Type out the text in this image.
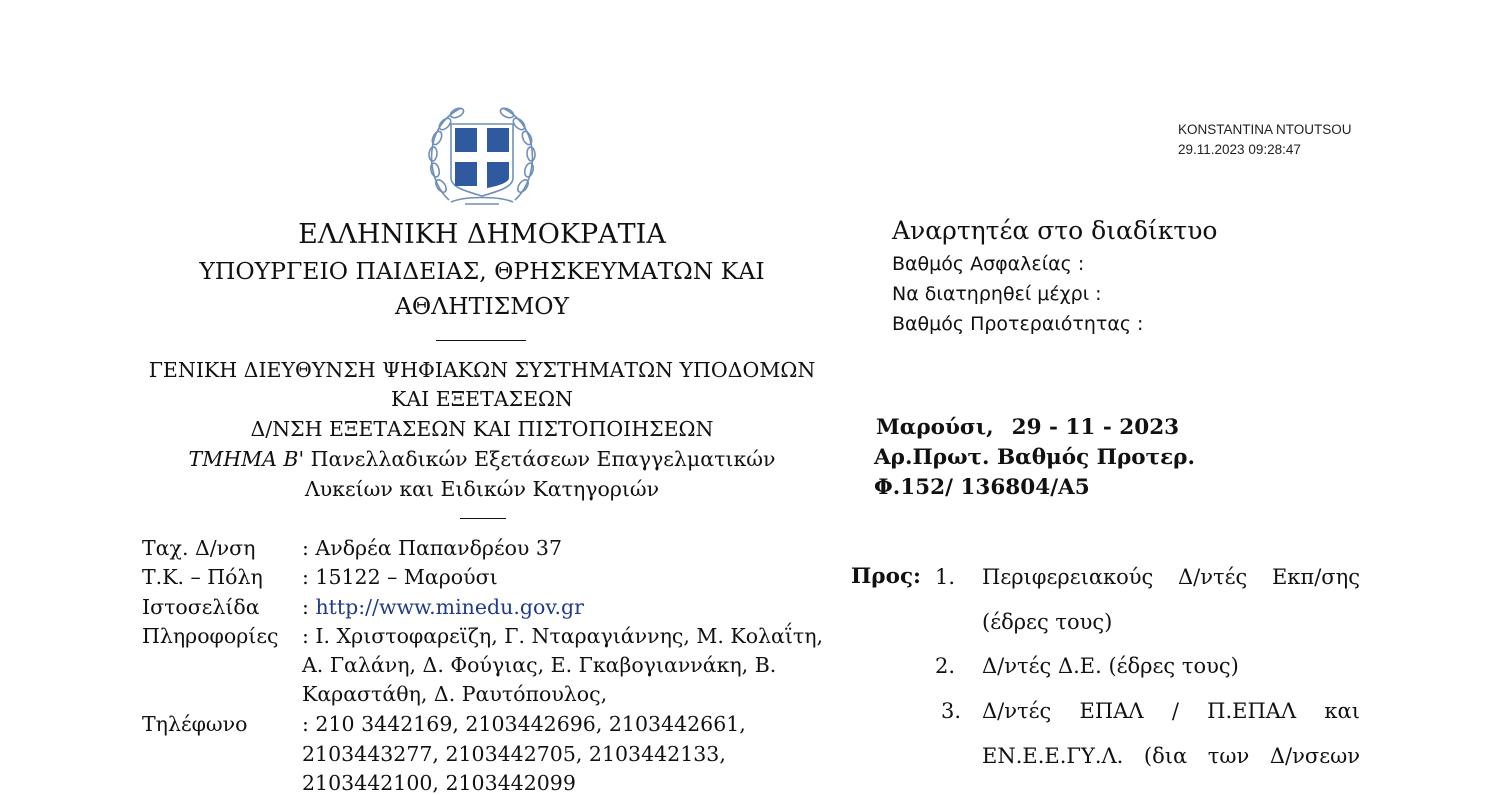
KONSTANTINA NTOUTSOU
29.11.2023 09:28:47
ΕΛΛΗΝΙΚΗ ΔΗΜΟΚΡΑΤΙΑ
ΥΠΟΥΡΓΕΙΟ ΠΑΙΔΕΙΑΣ, ΘΡΗΣΚΕΥΜΑΤΩΝ ΚΑΙ
ΑΘΛΗΤΙΣΜΟΥ
ΓΕΝΙΚΗ ΔΙΕΥΘΥΝΣΗ ΨΗΦΙΑΚΩΝ ΣΥΣΤΗΜΑΤΩΝ ΥΠΟΔΟΜΩΝ
ΚΑΙ ΕΞΕΤΑΣΕΩΝ
Δ/ΝΣΗ ΕΞΕΤΑΣΕΩΝ ΚΑΙ ΠΙΣΤΟΠΟΙΗΣΕΩΝ
ΤΜΗΜΑ Β' Πανελλαδικών Εξετάσεων Επαγγελματικών
Λυκείων και Ειδικών Κατηγοριών
Αναρτητέα στο διαδίκτυο
Βαθμός Ασφαλείας :
Να διατηρηθεί μέχρι :
Βαθμός Προτεραιότητας :
Μαρούσι, 29 - 11 - 2023
Αρ.Πρωτ. Βαθμός Προτερ.
Φ.152/ 136804/Α5
Ταχ. Δ/νση : Ανδρέα Παπανδρέου 37
Τ.Κ. – Πόλη : 15122 – Μαρούσι
Ιστοσελίδα : http://www.minedu.gov.gr
Πληροφορίες : Ι. Χριστοφαρεϊζη, Γ. Νταραγιάννης, Μ. Κολαΐτη,
Α. Γαλάνη, Δ. Φούγιας, Ε. Γκαβογιαννάκη, Β.
Καραστάθη, Δ. Ραυτόπουλος,
Τηλέφωνο	: 210 3442169, 2103442696, 2103442661,
2103443277, 2103442705, 2103442133,
2103442100, 2103442099
Προς: 1. Περιφερειακούς Δ/ντές Εκπ/σης
(έδρες τους)
2. Δ/ντές Δ.Ε. (έδρες τους)
3. Δ/ντές ΕΠΑΛ / Π.ΕΠΑΛ και
ΕΝ.Ε.Ε.ΓΥ.Λ. (δια των Δ/νσεων
